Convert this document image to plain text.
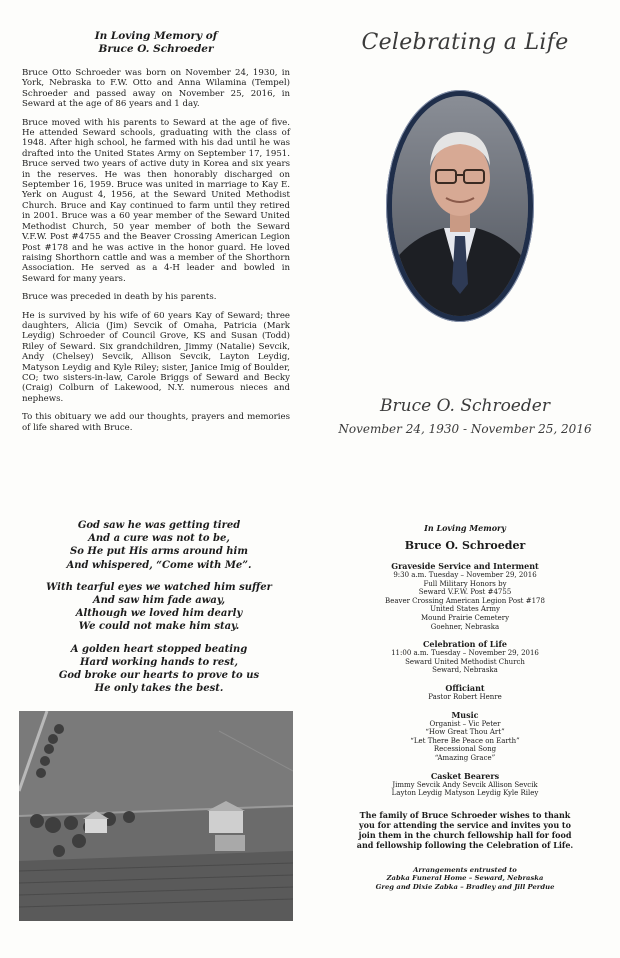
In Loving Memory of
Bruce O. Schroeder

Bruce Otto Schroeder was born on November 24, 1930, in York, Nebraska to F.W. Otto and Anna Wilamina (Tempel) Schroeder and passed away on November 25, 2016, in Seward at the age of 86 years and 1 day.

Bruce moved with his parents to Seward at the age of five. He attended Seward schools, graduating with the class of 1948. After high school, he farmed with his dad until he was drafted into the United States Army on September 17, 1951. Bruce served two years of active duty in Korea and six years in the reserves. He was then honorably discharged on September 16, 1959. Bruce was united in marriage to Kay E. Yerk on August 4, 1956, at the Seward United Methodist Church. Bruce and Kay continued to farm until they retired in 2001. Bruce was a 60 year member of the Seward United Methodist Church, 50 year member of both the Seward V.F.W. Post #4755 and the Beaver Crossing American Legion Post #178 and he was active in the honor guard. He loved raising Shorthorn cattle and was a member of the Shorthorn Association. He served as a 4-H leader and bowled in Seward for many years.

Bruce was preceded in death by his parents.

He is survived by his wife of 60 years Kay of Seward; three daughters, Alicia (Jim) Sevcik of Omaha, Patricia (Mark Leydig) Schroeder of Council Grove, KS and Susan (Todd) Riley of Seward. Six grandchildren, Jimmy (Natalie) Sevcik, Andy (Chelsey) Sevcik, Allison Sevcik, Layton Leydig, Matyson Leydig and Kyle Riley; sister, Janice Imig of Boulder, CO; two sisters-in-law, Carole Briggs of Seward and Becky (Craig) Colburn of Lakewood, N.Y. numerous nieces and nephews.

To this obituary we add our thoughts, prayers and memories of life shared with Bruce.

Celebrating a Life
Bruce O. Schroeder
November 24, 1930 - November 25, 2016
God saw he was getting tired
And a cure was not to be,
So He put His arms around him
And whispered, “Come with Me”.
With tearful eyes we watched him suffer
And saw him fade away,
Although we loved him dearly
We could not make him stay.
A golden heart stopped beating
Hard working hands to rest,
God broke our hearts to prove to us
He only takes the best.
In Loving Memory
Bruce O. Schroeder
Graveside Service and Interment
9:30 a.m. Tuesday – November 29, 2016
Full Military Honors by
Seward V.F.W. Post #4755
Beaver Crossing American Legion Post #178
United States Army
Mound Prairie Cemetery
Goehner, Nebraska
Celebration of Life
11:00 a.m. Tuesday – November 29, 2016
Seward United Methodist Church
Seward, Nebraska
Officiant
Pastor Robert Henre
Music
Organist – Vic Peter
“How Great Thou Art”
“Let There Be Peace on Earth”
Recessional Song
“Amazing Grace”
Casket Bearers
Jimmy Sevcik Andy Sevcik Allison Sevcik
Layton Leydig Matyson Leydig Kyle Riley
The family of Bruce Schroeder wishes to thank you for attending the service and invites you to join them in the church fellowship hall for food and fellowship following the Celebration of Life.
Arrangements entrusted to
Zabka Funeral Home – Seward, Nebraska
Greg and Dixie Zabka – Bradley and Jill Perdue
